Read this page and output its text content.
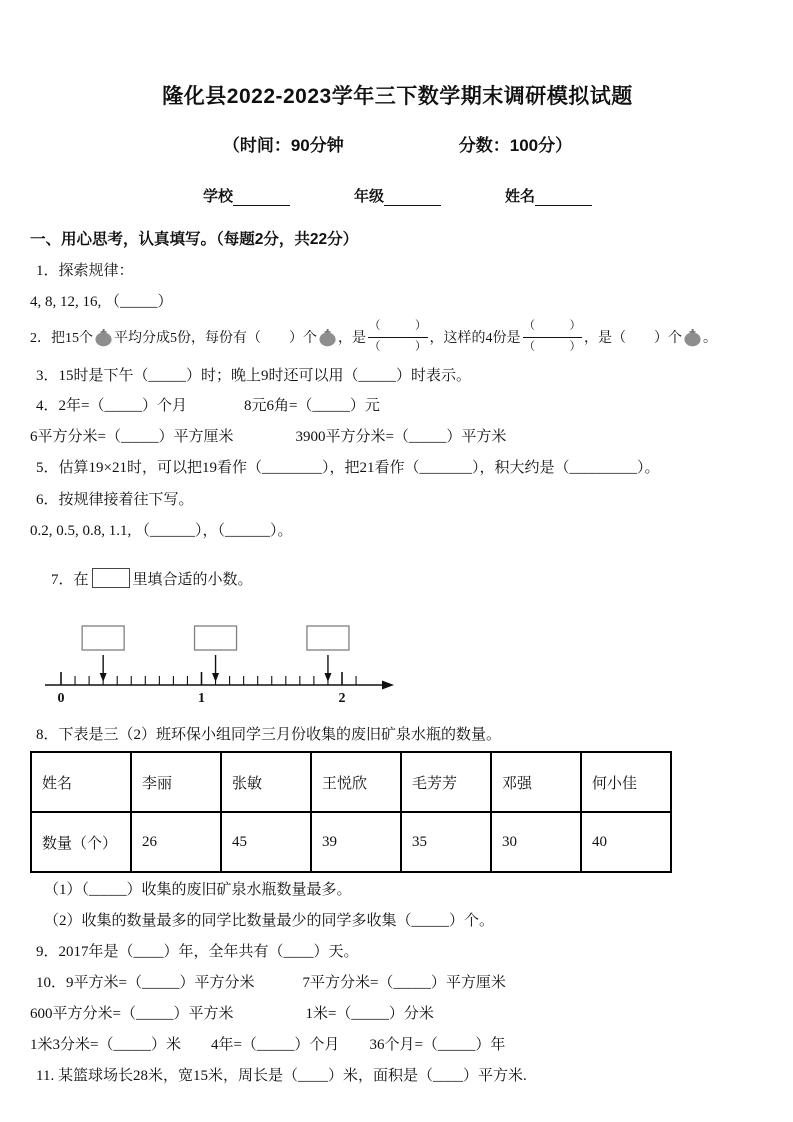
隆化县2022-2023学年三下数学期末调研模拟试题
（时间：90分钟	分数：100分）
学校	年级	姓名
一、用心思考，认真填写。（每题2分，共22分）
1．探索规律：
4, 8, 12, 16, （_____）
2．把15个 平均分成5份，每份有（　　）个 ，是 $\frac{( )}{( )}$ ，这样的4份是 $\frac{( )}{( )}$ ，是（　　）个 。
3．15时是下午（_____）时；晚上9时还可以用（_____）时表示。
4．2年=（_____）个月	8元6角=（_____）元
6平方分米=（_____）平方厘米	3900平方分米=（_____）平方米
5．估算19×21时，可以把19看作（________），把21看作（_______），积大约是（_________）。
6．按规律接着往下写。
0.2, 0.5, 0.8, 1.1, （______），（______）。

7．在	里填合适的小数。

0	1	2
8．下表是三（2）班环保小组同学三月份收集的废旧矿泉水瓶的数量。
姓名	李丽	张敏	王悦欣	毛芳芳	邓强	何小佳
数量（个）	26	45	39	35	30	40
（1）（_____）收集的废旧矿泉水瓶数量最多。
（2）收集的数量最多的同学比数量最少的同学多收集（_____）个。
9．2017年是（____）年，全年共有（____）天。
10．9平方米=（_____）平方分米	7平方分米=（_____）平方厘米
600平方分米=（_____）平方米	1米=（_____）分米
1米3分米=（_____）米 4年=（_____）个月 36个月=（_____）年
11. 某篮球场长28米，宽15米，周长是（____）米，面积是（____）平方米.
